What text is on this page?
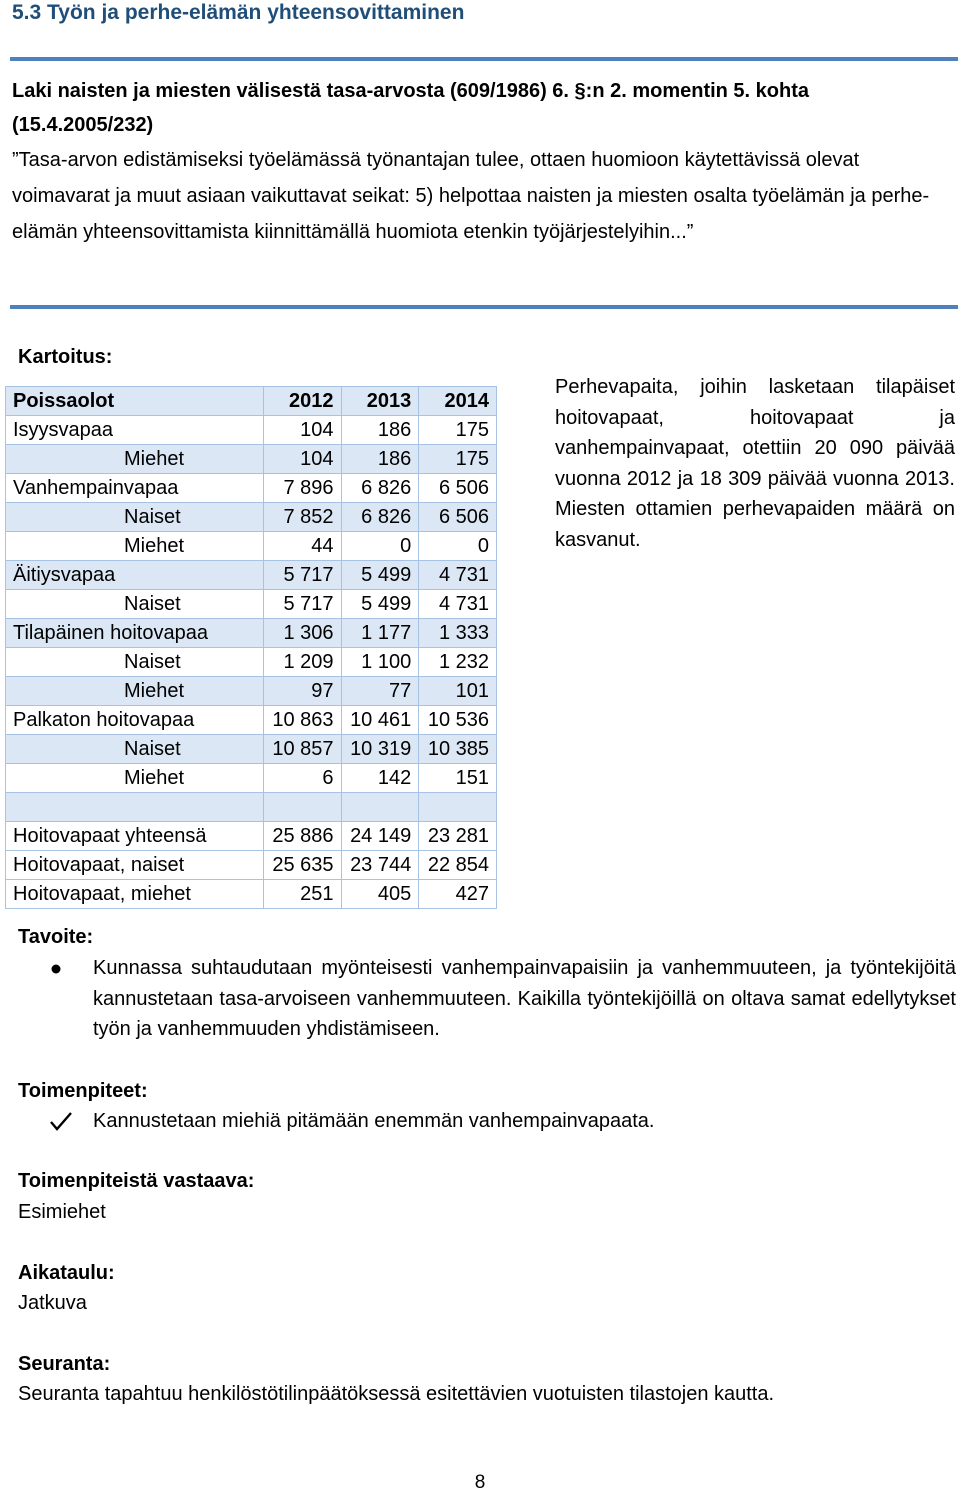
5.3 Työn ja perhe-elämän yhteensovittaminen

Laki naisten ja miesten välisestä tasa-arvosta (609/1986) 6. §:n 2. momentin 5. kohta (15.4.2005/232)

”Tasa-arvon edistämiseksi työelämässä työnantajan tulee, ottaen huomioon käytettävissä olevat voimavarat ja muut asiaan vaikuttavat seikat: 5) helpottaa naisten ja miesten osalta työelämän ja perhe-elämän yhteensovittamista kiinnittämällä huomiota etenkin työjärjestelyihin...”

Kartoitus:

Poissaolot	2012	2013	2014
Isyysvapaa	104	186	175
Miehet	104	186	175
Vanhempainvapaa	7 896	6 826	6 506
Naiset	7 852	6 826	6 506
Miehet	44	0	0
Äitiysvapaa	5 717	5 499	4 731
Naiset	5 717	5 499	4 731
Tilapäinen hoitovapaa	1 306	1 177	1 333
Naiset	1 209	1 100	1 232
Miehet	97	77	101
Palkaton hoitovapaa	10 863	10 461	10 536
Naiset	10 857	10 319	10 385
Miehet	6	142	151

Hoitovapaat yhteensä	25 886	24 149	23 281
Hoitovapaat, naiset	25 635	23 744	22 854
Hoitovapaat, miehet	251	405	427

Perhevapaita, joihin lasketaan tilapäiset hoitovapaat, hoitovapaat ja vanhempainvapaat, otettiin 20 090 päivää vuonna 2012 ja 18 309 päivää vuonna 2013. Miesten ottamien perhevapaiden määrä on kasvanut.

Tavoite:

Kunnassa suhtaudutaan myönteisesti vanhempainvapaisiin ja vanhemmuuteen, ja työntekijöitä kannustetaan tasa-arvoiseen vanhemmuuteen. Kaikilla työntekijöillä on oltava samat edellytykset työn ja vanhemmuuden yhdistämiseen.

Toimenpiteet:

Kannustetaan miehiä pitämään enemmän vanhempainvapaata.

Toimenpiteistä vastaava:

Esimiehet

Aikataulu:

Jatkuva

Seuranta:

Seuranta tapahtuu henkilöstötilinpäätöksessä esitettävien vuotuisten tilastojen kautta.

8
